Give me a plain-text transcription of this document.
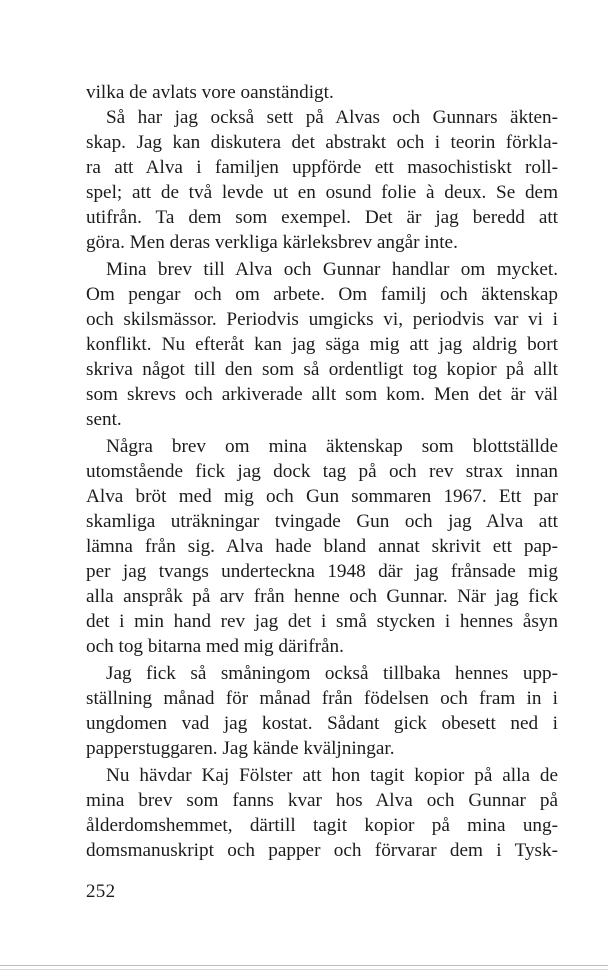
vilka de avlats vore oanständigt.
Så har jag också sett på Alvas och Gunnars äkten-
skap. Jag kan diskutera det abstrakt och i teorin förkla-
ra att Alva i familjen uppförde ett masochistiskt roll-
spel; att de två levde ut en osund folie à deux. Se dem
utifrån. Ta dem som exempel. Det är jag beredd att
göra. Men deras verkliga kärleksbrev angår inte.
Mina brev till Alva och Gunnar handlar om mycket.
Om pengar och om arbete. Om familj och äktenskap
och skilsmässor. Periodvis umgicks vi, periodvis var vi i
konflikt. Nu efteråt kan jag säga mig att jag aldrig bort
skriva något till den som så ordentligt tog kopior på allt
som skrevs och arkiverade allt som kom. Men det är väl
sent.
Några brev om mina äktenskap som blottställde
utomstående fick jag dock tag på och rev strax innan
Alva bröt med mig och Gun sommaren 1967. Ett par
skamliga uträkningar tvingade Gun och jag Alva att
lämna från sig. Alva hade bland annat skrivit ett pap-
per jag tvangs underteckna 1948 där jag frånsade mig
alla anspråk på arv från henne och Gunnar. När jag fick
det i min hand rev jag det i små stycken i hennes åsyn
och tog bitarna med mig därifrån.
Jag fick så småningom också tillbaka hennes upp-
ställning månad för månad från födelsen och fram in i
ungdomen vad jag kostat. Sådant gick obesett ned i
papperstuggaren. Jag kände kväljningar.
Nu hävdar Kaj Fölster att hon tagit kopior på alla de
mina brev som fanns kvar hos Alva och Gunnar på
ålderdomshemmet, därtill tagit kopior på mina ung-
domsmanuskript och papper och förvarar dem i Tysk-
252
